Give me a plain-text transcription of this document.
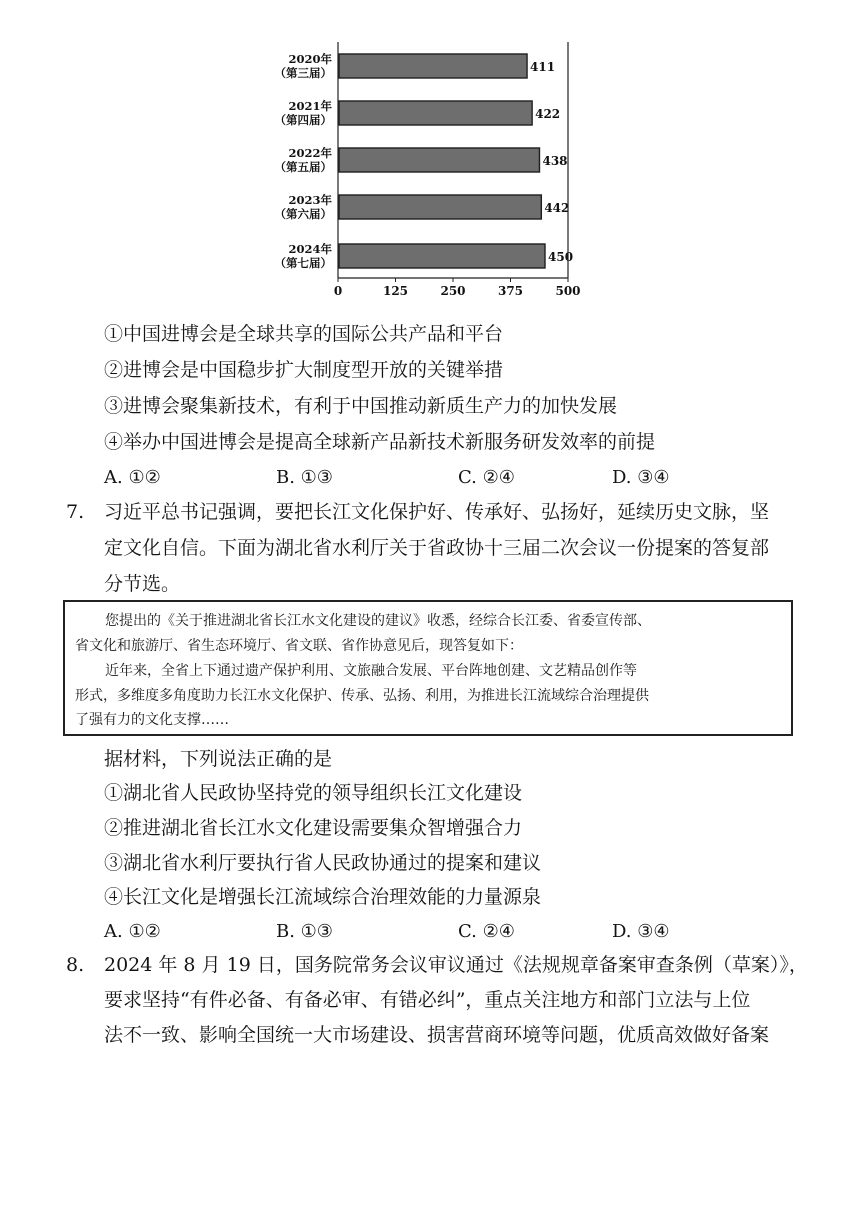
411
2020年
（第三届）
422
2021年
（第四届）
438
2022年
（第五届）
442
2023年
（第六届）
450
2024年
（第七届）
0	125	250	375	500
①中国进博会是全球共享的国际公共产品和平台
②进博会是中国稳步扩大制度型开放的关键举措
③进博会聚集新技术，有利于中国推动新质生产力的加快发展
④举办中国进博会是提高全球新产品新技术新服务研发效率的前提
A. ①②	B. ①③	C. ②④	D. ③④
7. 习近平总书记强调，要把长江文化保护好、传承好、弘扬好，延续历史文脉，坚
定文化自信。下面为湖北省水利厅关于省政协十三届二次会议一份提案的答复部
分节选。
您提出的《关于推进湖北省长江水文化建设的建议》收悉，经综合长江委、省委宣传部、
省文化和旅游厅、省生态环境厅、省文联、省作协意见后，现答复如下：
近年来，全省上下通过遗产保护利用、文旅融合发展、平台阵地创建、文艺精品创作等
形式，多维度多角度助力长江水文化保护、传承、弘扬、利用，为推进长江流域综合治理提供
了强有力的文化支撑……
据材料，下列说法正确的是
①湖北省人民政协坚持党的领导组织长江文化建设
②推进湖北省长江水文化建设需要集众智增强合力
③湖北省水利厅要执行省人民政协通过的提案和建议
④长江文化是增强长江流域综合治理效能的力量源泉
A. ①②	B. ①③	C. ②④	D. ③④
8. 2024 年 8 月 19 日，国务院常务会议审议通过《法规规章备案审查条例（草案）》，
要求坚持“有件必备、有备必审、有错必纠”，重点关注地方和部门立法与上位
法不一致、影响全国统一大市场建设、损害营商环境等问题，优质高效做好备案
